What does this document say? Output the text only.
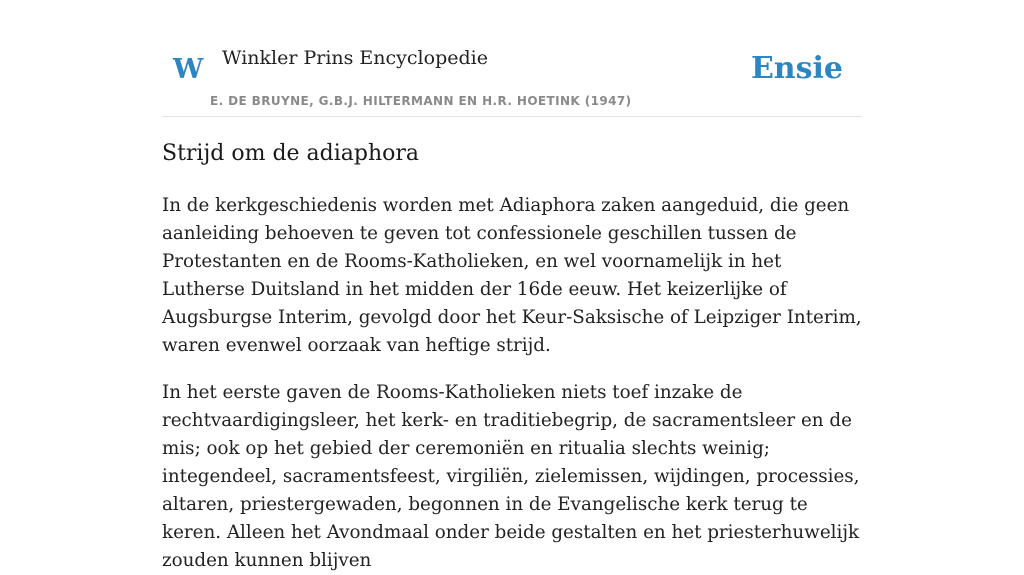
W Winkler Prins Encyclopedie
E. DE BRUYNE, G.B.J. HILTERMANN EN H.R. HOETINK (1947)
Ensie
Strijd om de adiaphora

In de kerkgeschiedenis worden met Adiaphora zaken aangeduid, die geen aanleiding behoeven te geven tot confessionele geschillen tussen de Protestanten en de Rooms-Katholieken, en wel voornamelijk in het Lutherse Duitsland in het midden der 16de eeuw. Het keizerlijke of Augsburgse Interim, gevolgd door het Keur-Saksische of Leipziger Interim, waren evenwel oorzaak van heftige strijd.

In het eerste gaven de Rooms-Katholieken niets toef inzake de rechtvaardigingsleer, het kerk- en traditiebegrip, de sacramentsleer en de mis; ook op het gebied der ceremoniën en ritualia slechts weinig; integendeel, sacramentsfeest, virgiliën, zielemissen, wijdingen, processies, altaren, priestergewaden, begonnen in de Evangelische kerk terug te keren. Alleen het Avondmaal onder beide gestalten en het priesterhuwelijk zouden kunnen blijven
